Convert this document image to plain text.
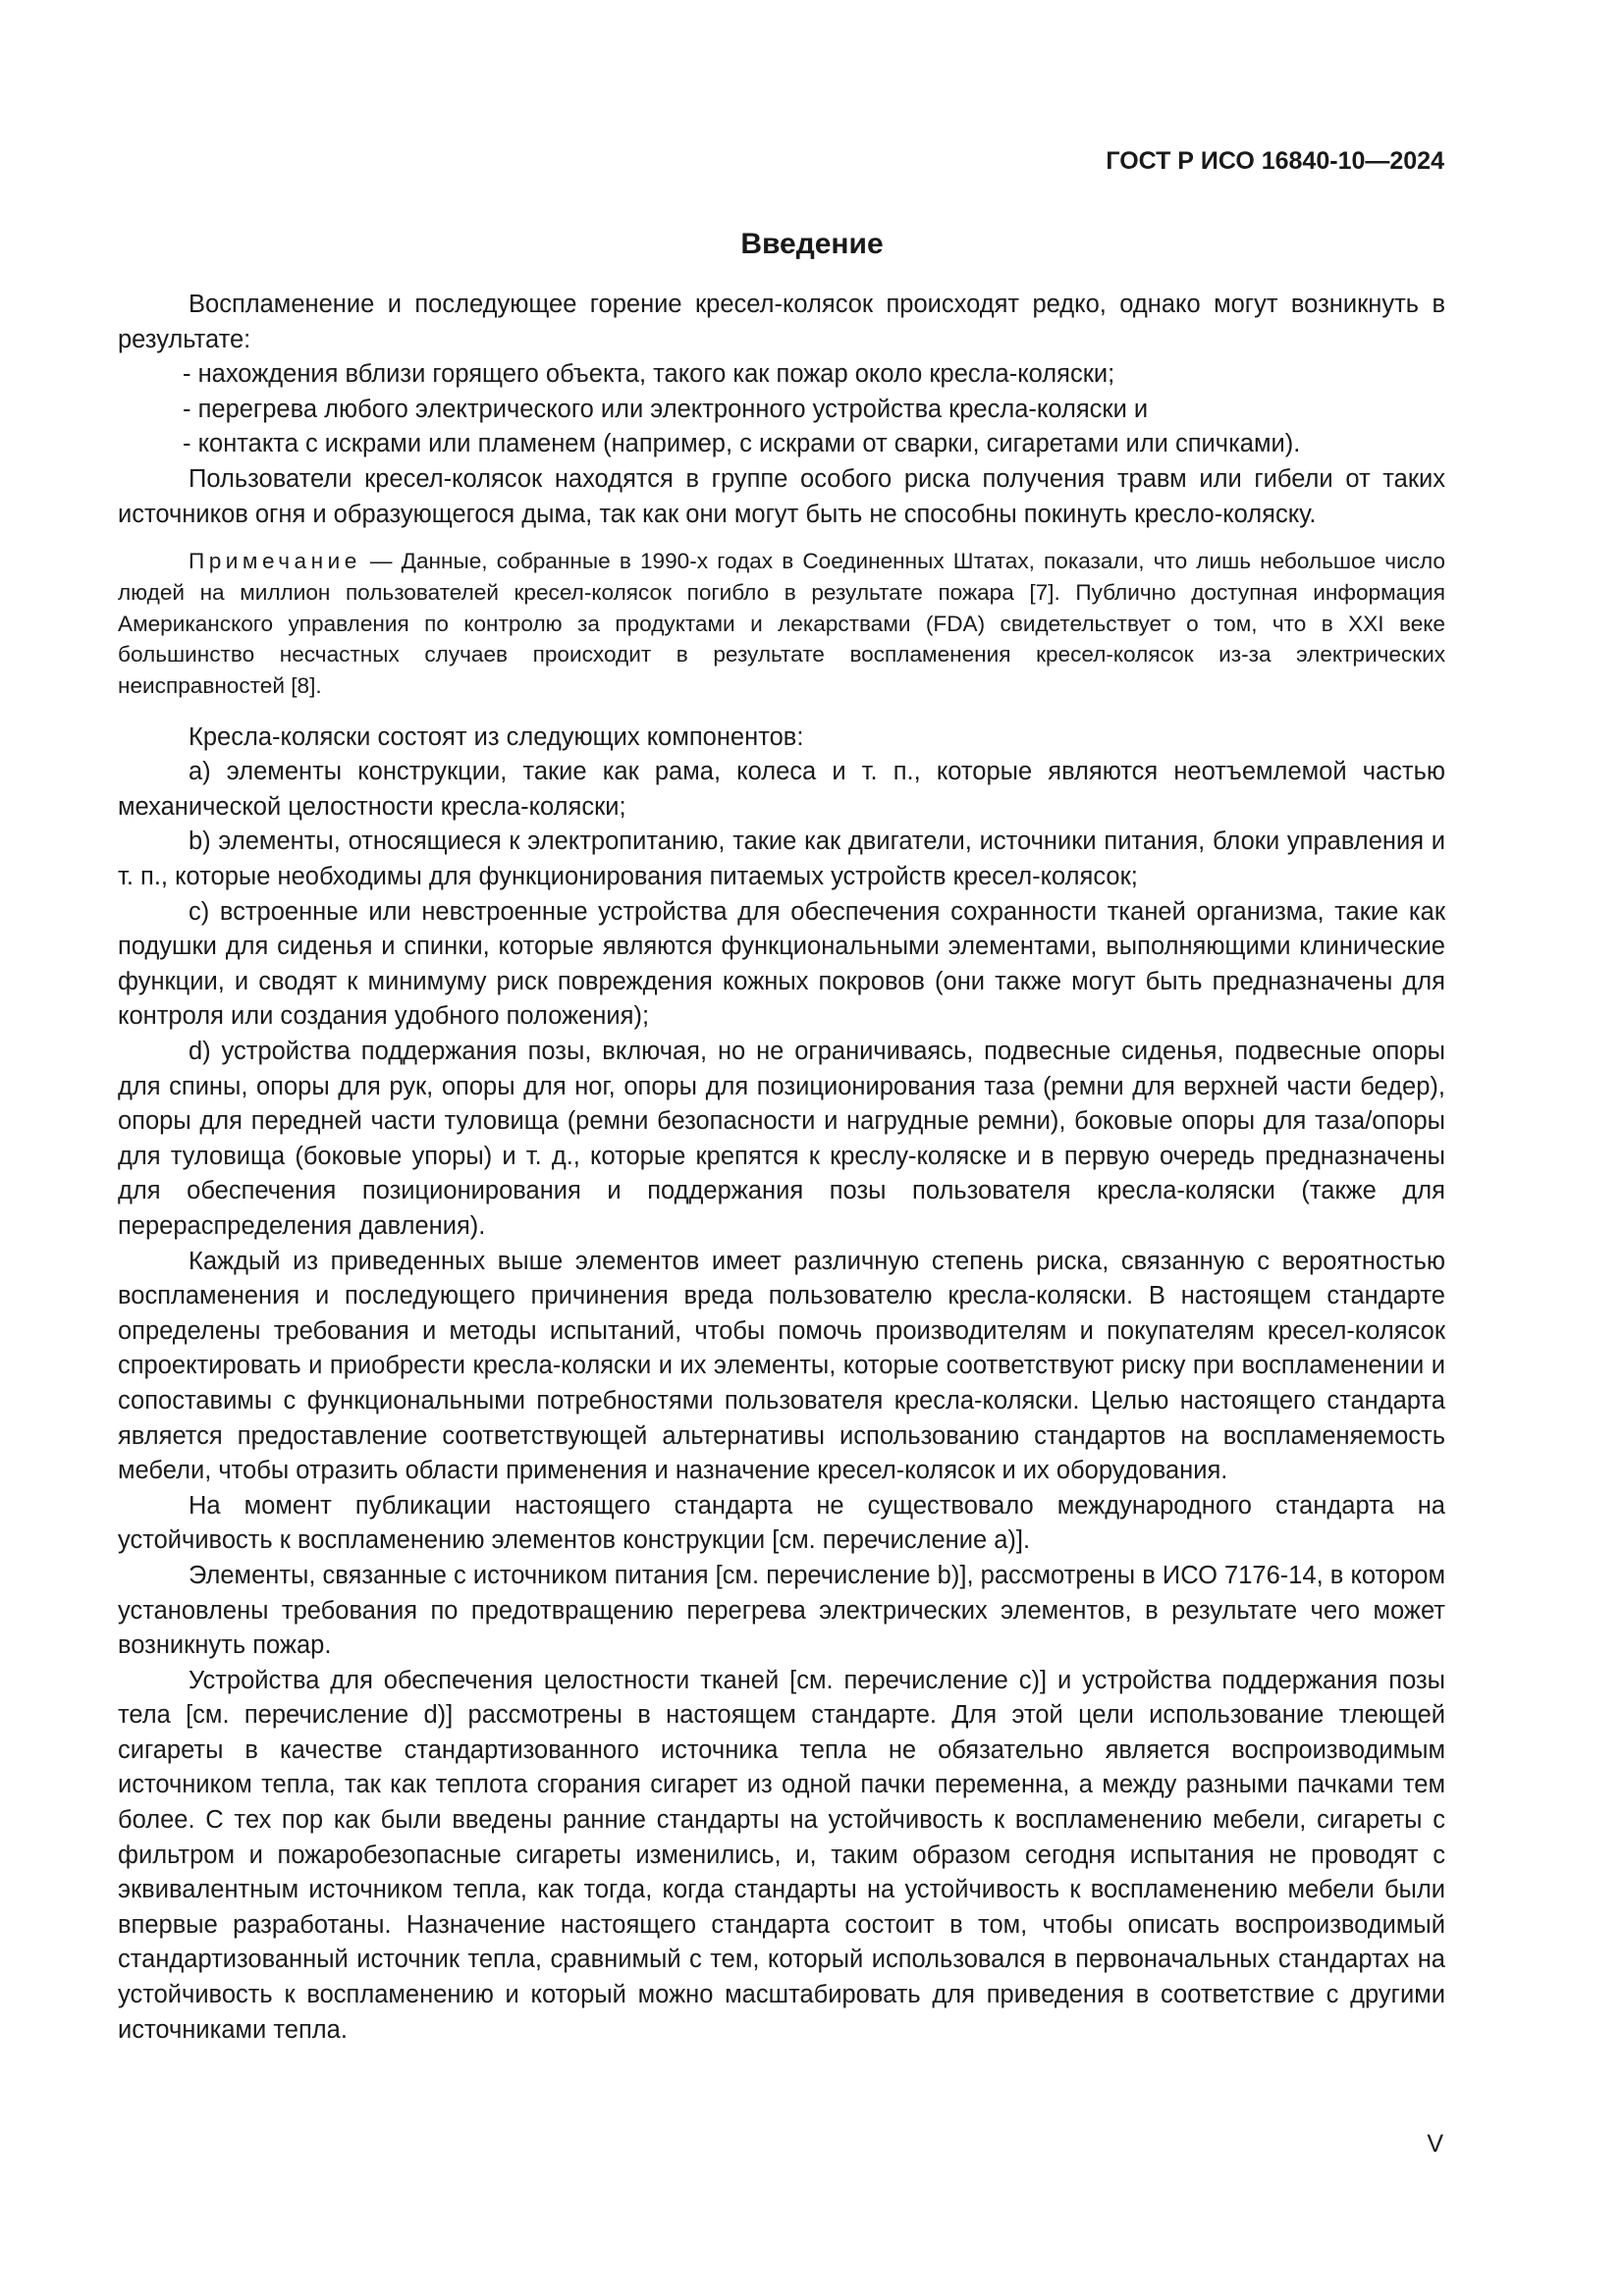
ГОСТ Р ИСО 16840-10—2024
Введение

Воспламенение и последующее горение кресел-колясок происходят редко, однако могут возникнуть в результате:

- нахождения вблизи горящего объекта, такого как пожар около кресла-коляски;

- перегрева любого электрического или электронного устройства кресла-коляски и

- контакта с искрами или пламенем (например, с искрами от сварки, сигаретами или спичками).

Пользователи кресел-колясок находятся в группе особого риска получения травм или гибели от таких источников огня и образующегося дыма, так как они могут быть не способны покинуть кресло-коляску.

Примечание — Данные, собранные в 1990-х годах в Соединенных Штатах, показали, что лишь небольшое число людей на миллион пользователей кресел-колясок погибло в результате пожара [7]. Публично доступная информация Американского управления по контролю за продуктами и лекарствами (FDA) свидетельствует о том, что в XXI веке большинство несчастных случаев происходит в результате воспламенения кресел-колясок из-за электрических неисправностей [8].

Кресла-коляски состоят из следующих компонентов:

a) элементы конструкции, такие как рама, колеса и т. п., которые являются неотъемлемой частью механической целостности кресла-коляски;

b) элементы, относящиеся к электропитанию, такие как двигатели, источники питания, блоки управления и т. п., которые необходимы для функционирования питаемых устройств кресел-колясок;

c) встроенные или невстроенные устройства для обеспечения сохранности тканей организма, такие как подушки для сиденья и спинки, которые являются функциональными элементами, выполняющими клинические функции, и сводят к минимуму риск повреждения кожных покровов (они также могут быть предназначены для контроля или создания удобного положения);

d) устройства поддержания позы, включая, но не ограничиваясь, подвесные сиденья, подвесные опоры для спины, опоры для рук, опоры для ног, опоры для позиционирования таза (ремни для верхней части бедер), опоры для передней части туловища (ремни безопасности и нагрудные ремни), боковые опоры для таза/опоры для туловища (боковые упоры) и т. д., которые крепятся к креслу-коляске и в первую очередь предназначены для обеспечения позиционирования и поддержания позы пользователя кресла-коляски (также для перераспределения давления).

Каждый из приведенных выше элементов имеет различную степень риска, связанную с вероятностью воспламенения и последующего причинения вреда пользователю кресла-коляски. В настоящем стандарте определены требования и методы испытаний, чтобы помочь производителям и покупателям кресел-колясок спроектировать и приобрести кресла-коляски и их элементы, которые соответствуют риску при воспламенении и сопоставимы с функциональными потребностями пользователя кресла-коляски. Целью настоящего стандарта является предоставление соответствующей альтернативы использованию стандартов на воспламеняемость мебели, чтобы отразить области применения и назначение кресел-колясок и их оборудования.

На момент публикации настоящего стандарта не существовало международного стандарта на устойчивость к воспламенению элементов конструкции [см. перечисление a)].

Элементы, связанные с источником питания [см. перечисление b)], рассмотрены в ИСО 7176-14, в котором установлены требования по предотвращению перегрева электрических элементов, в результате чего может возникнуть пожар.

Устройства для обеспечения целостности тканей [см. перечисление c)] и устройства поддержания позы тела [см. перечисление d)] рассмотрены в настоящем стандарте. Для этой цели использование тлеющей сигареты в качестве стандартизованного источника тепла не обязательно является воспроизводимым источником тепла, так как теплота сгорания сигарет из одной пачки переменна, а между разными пачками тем более. С тех пор как были введены ранние стандарты на устойчивость к воспламенению мебели, сигареты с фильтром и пожаробезопасные сигареты изменились, и, таким образом сегодня испытания не проводят с эквивалентным источником тепла, как тогда, когда стандарты на устойчивость к воспламенению мебели были впервые разработаны. Назначение настоящего стандарта состоит в том, чтобы описать воспроизводимый стандартизованный источник тепла, сравнимый с тем, который использовался в первоначальных стандартах на устойчивость к воспламенению и который можно масштабировать для приведения в соответствие с другими источниками тепла.

V
